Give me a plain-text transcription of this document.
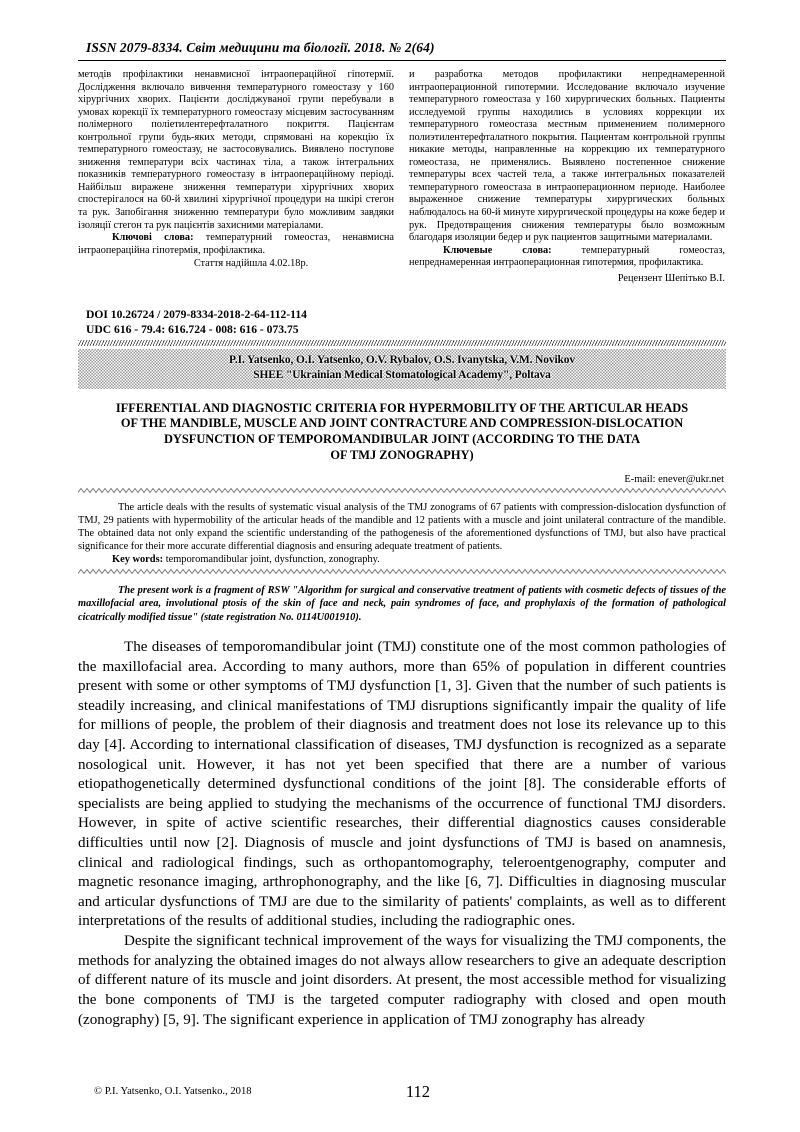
ISSN 2079-8334. Світ медицини та біології. 2018. № 2(64)

методів профілактики ненавмисної інтраопераційної гіпотермії. Дослідження включало вивчення температурного гомеостазу у 160 хірургічних хворих. Пацієнти досліджуваної групи перебували в умовах корекції їх температурного гомеостазу місцевим застосуванням полімерного поліетилентерефталатного покриття. Пацієнтам контрольної групи будь-яких методи, спрямовані на корекцію їх температурного гомеостазу, не застосовувались. Виявлено поступове зниження температури всіх частинах тіла, а також інтегральних показників температурного гомеостазу в інтраопераційному періоді. Найбільш виражене зниження температури хірургічних хворих спостерігалося на 60-й хвилині хірургічної процедури на шкірі стегон та рук. Запобігання зниженню температури було можливим завдяки ізоляції стегон та рук пацієнтів захисними матеріалами.

Ключові слова: температурний гомеостаз, ненавмисна інтраопераційна гіпотермія, профілактика.

Стаття надійшла 4.02.18р.

и разработка методов профилактики непреднамеренной интраоперационной гипотермии. Исследование включало изучение температурного гомеостаза у 160 хирургических больных. Пациенты исследуемой группы находились в условиях коррекции их температурного гомеостаза местным применением полимерного полиэтилентерефталатного покрытия. Пациентам контрольной группы никакие методы, направленные на коррекцию их температурного гомеостаза, не применялись. Выявлено постепенное снижение температуры всех частей тела, а также интегральных показателей температурного гомеостаза в интраоперационном периоде. Наиболее выраженное снижение температуры хирургических больных наблюдалось на 60-й минуте хирургической процедуры на коже бедер и рук. Предотвращения снижения температуры было возможным благодаря изоляции бедер и рук пациентов защитными материалами.

Ключевые слова: температурный гомеостаз, непреднамеренная интраоперационная гипотермия, профилактика.

Рецензент Шепітько В.І.
DOI 10.26724 / 2079-8334-2018-2-64-112-114
UDC 616 - 79.4: 616.724 - 008: 616 - 073.75
P.I. Yatsenko, O.I. Yatsenko, O.V. Rybalov, O.S. Ivanytska, V.M. Novikov
SHEE "Ukrainian Medical Stomatological Academy", Poltava
IFFERENTIAL AND DIAGNOSTIC CRITERIA FOR HYPERMOBILITY OF THE ARTICULAR HEADS
OF THE MANDIBLE, MUSCLE AND JOINT CONTRACTURE AND COMPRESSION-DISLOCATION
DYSFUNCTION OF TEMPOROMANDIBULAR JOINT (ACCORDING TO THE DATA
OF TMJ ZONOGRAPHY)
E-mail: enever@ukr.net

The article deals with the results of systematic visual analysis of the TMJ zonograms of 67 patients with compression-dislocation dysfunction of TMJ, 29 patients with hypermobility of the articular heads of the mandible and 12 patients with a muscle and joint unilateral contracture of the mandible. The obtained data not only expand the scientific understanding of the pathogenesis of the aforementioned dysfunctions of TMJ, but also have practical significance for their more accurate differential diagnosis and ensuring adequate treatment of patients.

Key words: temporomandibular joint, dysfunction, zonography.

The present work is a fragment of RSW "Algorithm for surgical and conservative treatment of patients with cosmetic defects of tissues of the maxillofacial area, involutional ptosis of the skin of face and neck, pain syndromes of face, and prophylaxis of the formation of pathological cicatrically modified tissue" (state registration No. 0114U001910).

The diseases of temporomandibular joint (TMJ) constitute one of the most common pathologies of the maxillofacial area. According to many authors, more than 65% of population in different countries present with some or other symptoms of TMJ dysfunction [1, 3]. Given that the number of such patients is steadily increasing, and clinical manifestations of TMJ disruptions significantly impair the quality of life for millions of people, the problem of their diagnosis and treatment does not lose its relevance up to this day [4]. According to international classification of diseases, TMJ dysfunction is recognized as a separate nosological unit. However, it has not yet been specified that there are a number of various etiopathogenetically determined dysfunctional conditions of the joint [8]. The considerable efforts of specialists are being applied to studying the mechanisms of the occurrence of functional TMJ disorders. However, in spite of active scientific researches, their differential diagnostics causes considerable difficulties until now [2]. Diagnosis of muscle and joint dysfunctions of TMJ is based on anamnesis, clinical and radiological findings, such as orthopantomography, teleroentgenography, computer and magnetic resonance imaging, arthrophonography, and the like [6, 7]. Difficulties in diagnosing muscular and articular dysfunctions of TMJ are due to the similarity of patients' complaints, as well as to different interpretations of the results of additional studies, including the radiographic ones.

Despite the significant technical improvement of the ways for visualizing the TMJ components, the methods for analyzing the obtained images do not always allow researchers to give an adequate description of different nature of its muscle and joint disorders. At present, the most accessible method for visualizing the bone components of TMJ is the targeted computer radiography with closed and open mouth (zonography) [5, 9]. The significant experience in application of TMJ zonography has already

© P.I. Yatsenko, O.I. Yatsenko., 2018	112
